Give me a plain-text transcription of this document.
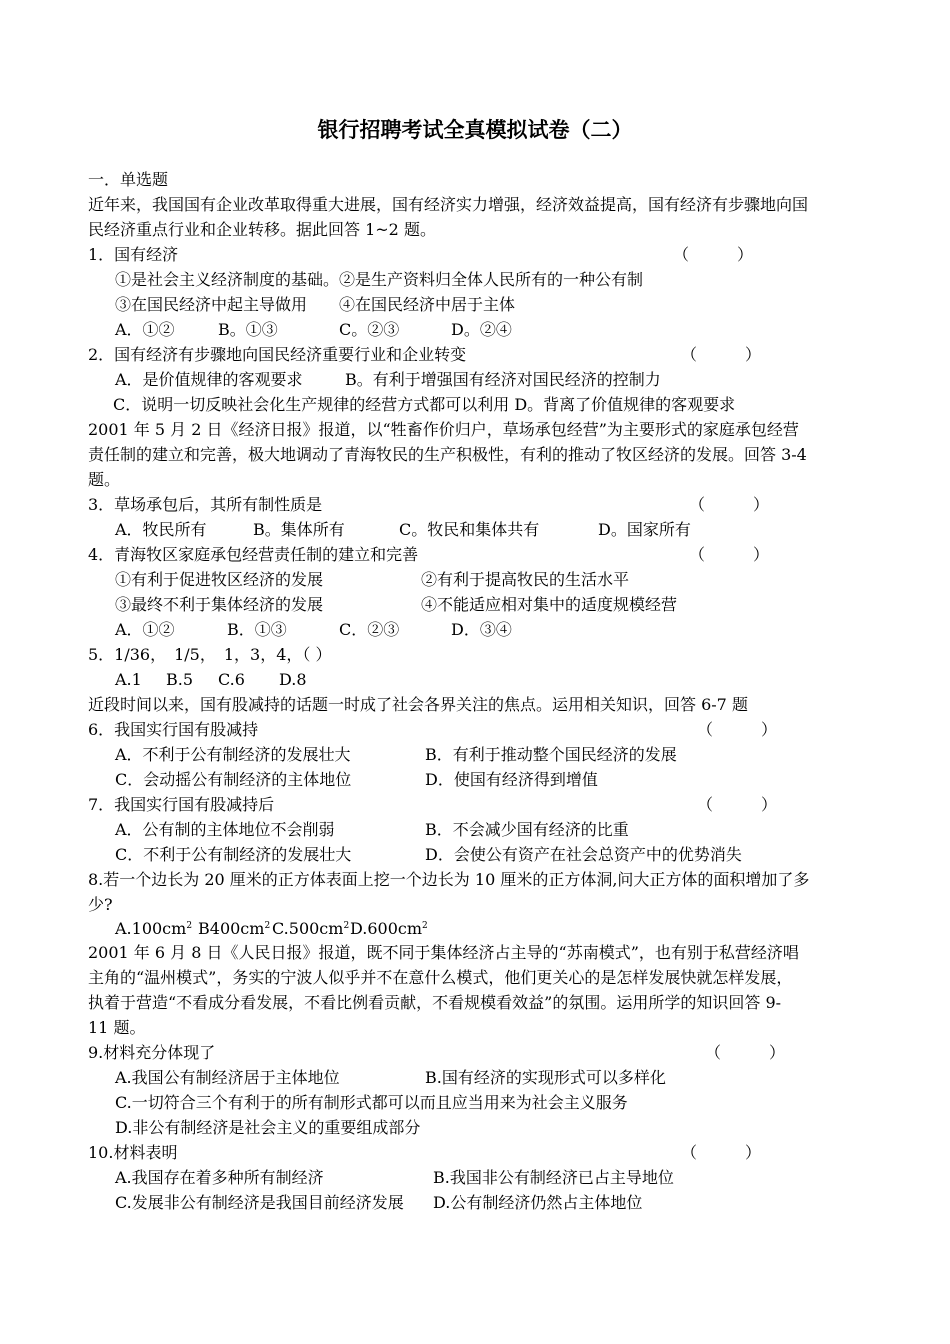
银行招聘考试全真模拟试卷（二）
一．单选题
近年来，我国国有企业改革取得重大进展，国有经济实力增强，经济效益提高，国有经济有步骤地向国
民经济重点行业和企业转移。据此回答 1~2 题。
1．国有经济	（　　　）
①是社会主义经济制度的基础。②是生产资料归全体人民所有的一种公有制
③在国民经济中起主导做用　　④在国民经济中居于主体
A．①②	B。①③	C。②③	D。②④
2．国有经济有步骤地向国民经济重要行业和企业转变	（　　　）
A．是价值规律的客观要求	B。有利于增强国有经济对国民经济的控制力
C．说明一切反映社会化生产规律的经营方式都可以利用 D。背离了价值规律的客观要求
2001 年 5 月 2 日《经济日报》报道，以“牲畜作价归户，草场承包经营”为主要形式的家庭承包经营
责任制的建立和完善，极大地调动了青海牧民的生产积极性，有利的推动了牧区经济的发展。回答 3-4
题。
3．草场承包后，其所有制性质是	（　　　）
A．牧民所有	B。集体所有	C。牧民和集体共有	D。国家所有
4．青海牧区家庭承包经营责任制的建立和完善	（　　　）
①有利于促进牧区经济的发展	②有利于提高牧民的生活水平
③最终不利于集体经济的发展	④不能适应相对集中的适度规模经营
A．①②	B．①③	C．②③	D．③④
5．1/36，　1/5，　1，3，4，（ ）
A.1 B.5 C.6 D.8
近段时间以来，国有股减持的话题一时成了社会各界关注的焦点。运用相关知识，回答 6-7 题
6．我国实行国有股减持	（　　　）
A．不利于公有制经济的发展壮大	B．有利于推动整个国民经济的发展
C．会动摇公有制经济的主体地位	D．使国有经济得到增值
7．我国实行国有股减持后	（　　　）
A．公有制的主体地位不会削弱	B．不会减少国有经济的比重
C．不利于公有制经济的发展壮大	D．会使公有资产在社会总资产中的优势消失
8.若一个边长为 20 厘米的正方体表面上挖一个边长为 10 厘米的正方体洞,问大正方体的面积增加了多
少?
$A.100cm^2$ $B400cm^2$ $C.500cm^2$ $D.600cm^2$
2001 年 6 月 8 日《人民日报》报道，既不同于集体经济占主导的“苏南模式”，也有别于私营经济唱
主角的“温州模式”，务实的宁波人似乎并不在意什么模式，他们更关心的是怎样发展快就怎样发展，
执着于营造“不看成分看发展，不看比例看贡献，不看规模看效益”的氛围。运用所学的知识回答 9-
11 题。
9.材料充分体现了	（　　　）
A.我国公有制经济居于主体地位	B.国有经济的实现形式可以多样化
C.一切符合三个有利于的所有制形式都可以而且应当用来为社会主义服务
D.非公有制经济是社会主义的重要组成部分
10.材料表明	（　　　）
A.我国存在着多种所有制经济	B.我国非公有制经济已占主导地位
C.发展非公有制经济是我国目前经济发展 D.公有制经济仍然占主体地位
